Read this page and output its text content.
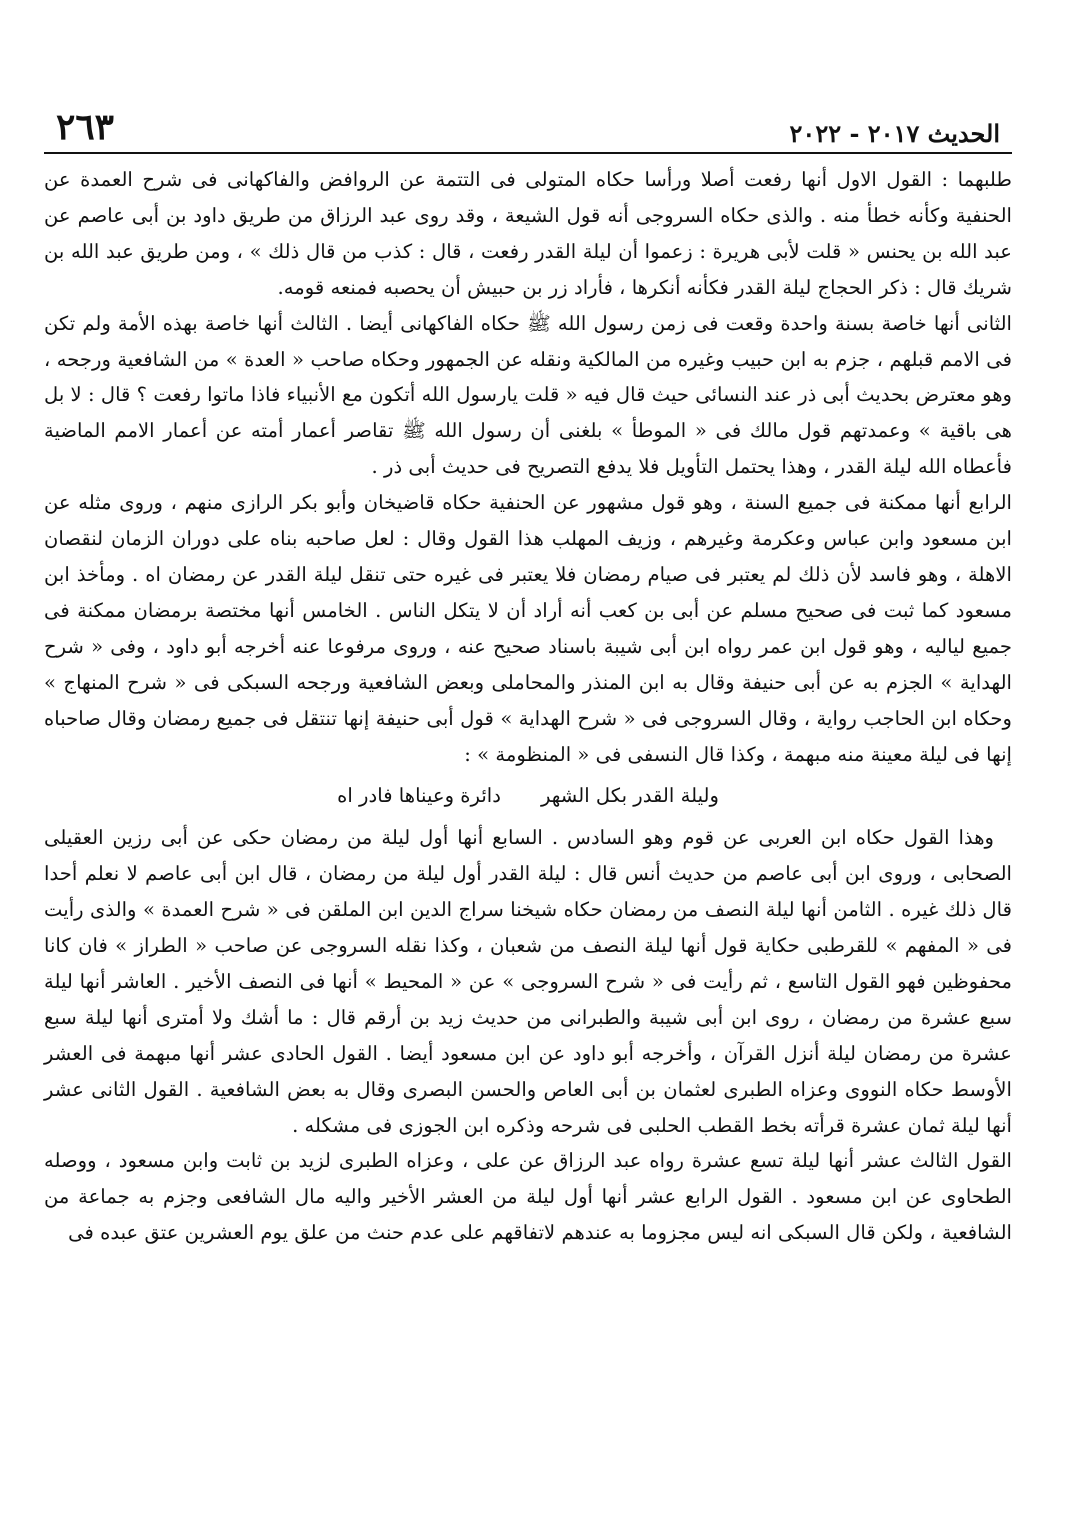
الحديث ٢٠١٧ - ٢٠٢٢
٢٦٣

طلبهما : القول الاول أنها رفعت أصلا ورأسا حكاه المتولى فى التتمة عن الروافض والفاكهانى فى شرح العمدة عن الحنفية وكأنه خطأ منه . والذى حكاه السروجى أنه قول الشيعة ، وقد روى عبد الرزاق من طريق داود بن أبى عاصم عن عبد الله بن يحنس « قلت لأبى هريرة : زعموا أن ليلة القدر رفعت ، قال : كذب من قال ذلك » ، ومن طريق عبد الله بن شريك قال : ذكر الحجاج ليلة القدر فكأنه أنكرها ، فأراد زر بن حبيش أن يحصبه فمنعه قومه.

الثانى أنها خاصة بسنة واحدة وقعت فى زمن رسول الله ﷺ حكاه الفاكهانى أيضا . الثالث أنها خاصة بهذه الأمة ولم تكن فى الامم قبلهم ، جزم به ابن حبيب وغيره من المالكية ونقله عن الجمهور وحكاه صاحب « العدة » من الشافعية ورجحه ، وهو معترض بحديث أبى ذر عند النسائى حيث قال فيه « قلت يارسول الله أتكون مع الأنبياء فاذا ماتوا رفعت ؟ قال : لا بل هى باقية » وعمدتهم قول مالك فى « الموطأ » بلغنى أن رسول الله ﷺ تقاصر أعمار أمته عن أعمار الامم الماضية فأعطاه الله ليلة القدر ، وهذا يحتمل التأويل فلا يدفع التصريح فى حديث أبى ذر .

الرابع أنها ممكنة فى جميع السنة ، وهو قول مشهور عن الحنفية حكاه قاضيخان وأبو بكر الرازى منهم ، وروى مثله عن ابن مسعود وابن عباس وعكرمة وغيرهم ، وزيف المهلب هذا القول وقال : لعل صاحبه بناه على دوران الزمان لنقصان الاهلة ، وهو فاسد لأن ذلك لم يعتبر فى صيام رمضان فلا يعتبر فى غيره حتى تنقل ليلة القدر عن رمضان اه . ومأخذ ابن مسعود كما ثبت فى صحيح مسلم عن أبى بن كعب أنه أراد أن لا يتكل الناس . الخامس أنها مختصة برمضان ممكنة فى جميع لياليه ، وهو قول ابن عمر رواه ابن أبى شيبة باسناد صحيح عنه ، وروى مرفوعا عنه أخرجه أبو داود ، وفى « شرح الهداية » الجزم به عن أبى حنيفة وقال به ابن المنذر والمحاملى وبعض الشافعية ورجحه السبكى فى « شرح المنهاج » وحكاه ابن الحاجب رواية ، وقال السروجى فى « شرح الهداية » قول أبى حنيفة إنها تنتقل فى جميع رمضان وقال صاحباه إنها فى ليلة معينة منه مبهمة ، وكذا قال النسفى فى « المنظومة » :

وليلة القدر بكل الشهر
دائرة وعيناها فادر اه

وهذا القول حكاه ابن العربى عن قوم وهو السادس . السابع أنها أول ليلة من رمضان حكى عن أبى رزين العقيلى الصحابى ، وروى ابن أبى عاصم من حديث أنس قال : ليلة القدر أول ليلة من رمضان ، قال ابن أبى عاصم لا نعلم أحدا قال ذلك غيره . الثامن أنها ليلة النصف من رمضان حكاه شيخنا سراج الدين ابن الملقن فى « شرح العمدة » والذى رأيت فى « المفهم » للقرطبى حكاية قول أنها ليلة النصف من شعبان ، وكذا نقله السروجى عن صاحب « الطراز » فان كانا محفوظين فهو القول التاسع ، ثم رأيت فى « شرح السروجى » عن « المحيط » أنها فى النصف الأخير . العاشر أنها ليلة سبع عشرة من رمضان ، روى ابن أبى شيبة والطبرانى من حديث زيد بن أرقم قال : ما أشك ولا أمترى أنها ليلة سبع عشرة من رمضان ليلة أنزل القرآن ، وأخرجه أبو داود عن ابن مسعود أيضا . القول الحادى عشر أنها مبهمة فى العشر الأوسط حكاه النووى وعزاه الطبرى لعثمان بن أبى العاص والحسن البصرى وقال به بعض الشافعية . القول الثانى عشر أنها ليلة ثمان عشرة قرأته بخط القطب الحلبى فى شرحه وذكره ابن الجوزى فى مشكله .

القول الثالث عشر أنها ليلة تسع عشرة رواه عبد الرزاق عن على ، وعزاه الطبرى لزيد بن ثابت وابن مسعود ، ووصله الطحاوى عن ابن مسعود . القول الرابع عشر أنها أول ليلة من العشر الأخير واليه مال الشافعى وجزم به جماعة من الشافعية ، ولكن قال السبكى انه ليس مجزوما به عندهم لاتفاقهم على عدم حنث من علق يوم العشرين عتق عبده فى
